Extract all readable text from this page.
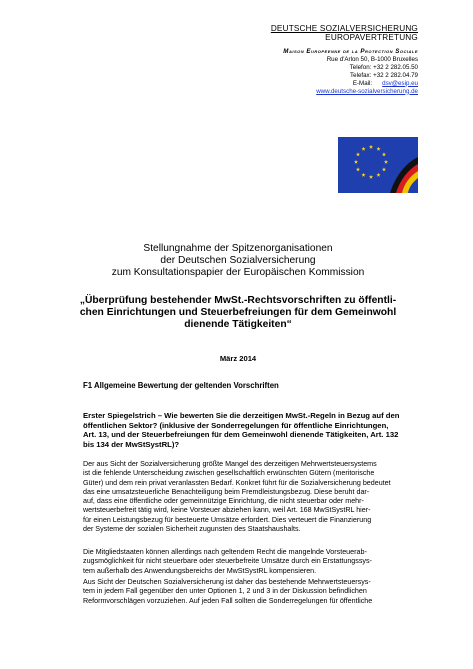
DEUTSCHE SOZIALVERSICHERUNG
EUROPAVERTRETUNG
Maison Europeenne de la Protection Sociale
Rue d'Arlon 50, B-1000 Bruxelles
Telefon: +32 2 282.05.50
Telefax: +32 2 282.04.79
E-Mail: dsv@esip.eu
www.deutsche-sozialversicherung.de
Stellungnahme der Spitzenorganisationen
der Deutschen Sozialversicherung
zum Konsultationspapier der Europäischen Kommission
„Überprüfung bestehender MwSt.-Rechtsvorschriften zu öffentli-
chen Einrichtungen und Steuerbefreiungen für dem Gemeinwohl
dienende Tätigkeiten“
März 2014
F1 Allgemeine Bewertung der geltenden Vorschriften
Erster Spiegelstrich – Wie bewerten Sie die derzeitigen MwSt.-Regeln in Bezug auf den
öffentlichen Sektor? (inklusive der Sonderregelungen für öffentliche Einrichtungen,
Art. 13, und der Steuerbefreiungen für dem Gemeinwohl dienende Tätigkeiten, Art. 132
bis 134 der MwStSystRL)?
Der aus Sicht der Sozialversicherung größte Mangel des derzeitigen Mehrwertsteuersystems
ist die fehlende Unterscheidung zwischen gesellschaftlich erwünschten Gütern (meritorische
Güter) und dem rein privat veranlassten Bedarf. Konkret führt für die Sozialversicherung bedeutet
das eine umsatzsteuerliche Benachteiligung beim Fremdleistungsbezug. Diese beruht dar-
auf, dass eine öffentliche oder gemeinnützige Einrichtung, die nicht steuerbar oder mehr-
wertsteuerbefreit tätig wird, keine Vorsteuer abziehen kann, weil Art. 168 MwStSystRL hier-
für einen Leistungsbezug für besteuerte Umsätze erfordert. Dies verteuert die Finanzierung
der Systeme der sozialen Sicherheit zugunsten des Staatshaushalts.
Die Mitgliedstaaten können allerdings nach geltendem Recht die mangelnde Vorsteuerab-
zugsmöglichkeit für nicht steuerbare oder steuerbefreite Umsätze durch ein Erstattungssys-
tem außerhalb des Anwendungsbereichs der MwStSystRL kompensieren.
Aus Sicht der Deutschen Sozialversicherung ist daher das bestehende Mehrwertsteuersys-
tem in jedem Fall gegenüber den unter Optionen 1, 2 und 3 in der Diskussion befindlichen
Reformvorschlägen vorzuziehen. Auf jeden Fall sollten die Sonderregelungen für öffentliche
